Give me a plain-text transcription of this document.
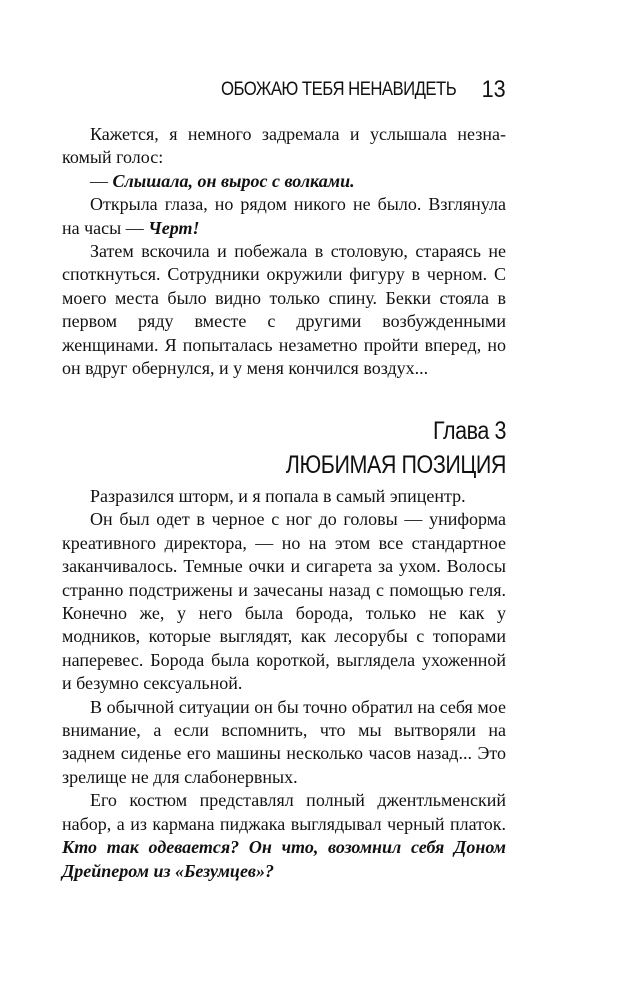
ОБОЖАЮ ТЕБЯ НЕНАВИДЕТЬ 13

Кажется, я немного задремала и услышала незнакомый голос:

— Слышала, он вырос с волками.

Открыла глаза, но рядом никого не было. Взглянула на часы — Черт!

Затем вскочила и побежала в столовую, стараясь не споткнуться. Сотрудники окружили фигуру в черном. С моего места было видно только спину. Бекки стояла в первом ряду вместе с другими возбужденными женщинами. Я попыталась незаметно пройти вперед, но он вдруг обернулся, и у меня кончился воздух...

Глава 3
ЛЮБИМАЯ ПОЗИЦИЯ

Разразился шторм, и я попала в самый эпицентр.

Он был одет в черное с ног до головы — униформа креативного директора, — но на этом все стандартное заканчивалось. Темные очки и сигарета за ухом. Волосы странно подстрижены и зачесаны назад с помощью геля. Конечно же, у него была борода, только не как у модников, которые выглядят, как лесорубы с топорами наперевес. Борода была короткой, выглядела ухоженной и безумно сексуальной.

В обычной ситуации он бы точно обратил на себя мое внимание, а если вспомнить, что мы вытворяли на заднем сиденье его машины несколько часов назад... Это зрелище не для слабонервных.

Его костюм представлял полный джентльменский набор, а из кармана пиджака выглядывал черный платок. Кто так одевается? Он что, возомнил себя Доном Дрейпером из «Безумцев»?
